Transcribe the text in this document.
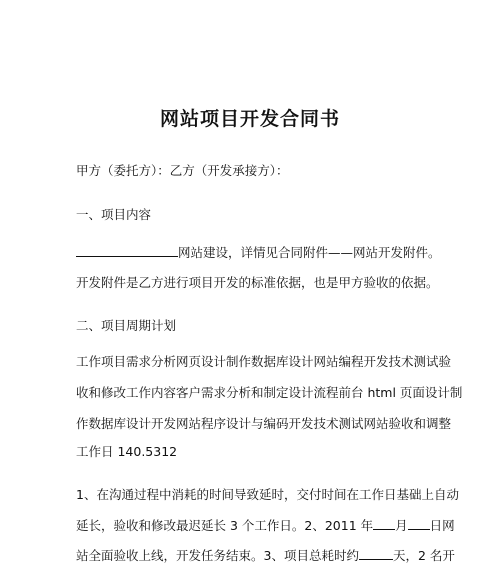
网站项目开发合同书
甲方（委托方）：乙方（开发承接方）：
一、项目内容
网站建设，详情见合同附件——网站开发附件。
开发附件是乙方进行项目开发的标准依据，也是甲方验收的依据。
二、项目周期计划
工作项目需求分析网页设计制作数据库设计网站编程开发技术测试验
收和修改工作内容客户需求分析和制定设计流程前台 html 页面设计制
作数据库设计开发网站程序设计与编码开发技术测试网站验收和调整
工作日 140.5312
1、在沟通过程中消耗的时间导致延时，交付时间在工作日基础上自动
延长，验收和修改最迟延长 3 个工作日。2、2011 年 月 日网
站全面验收上线，开发任务结束。3、项目总耗时约	天，2 名开
